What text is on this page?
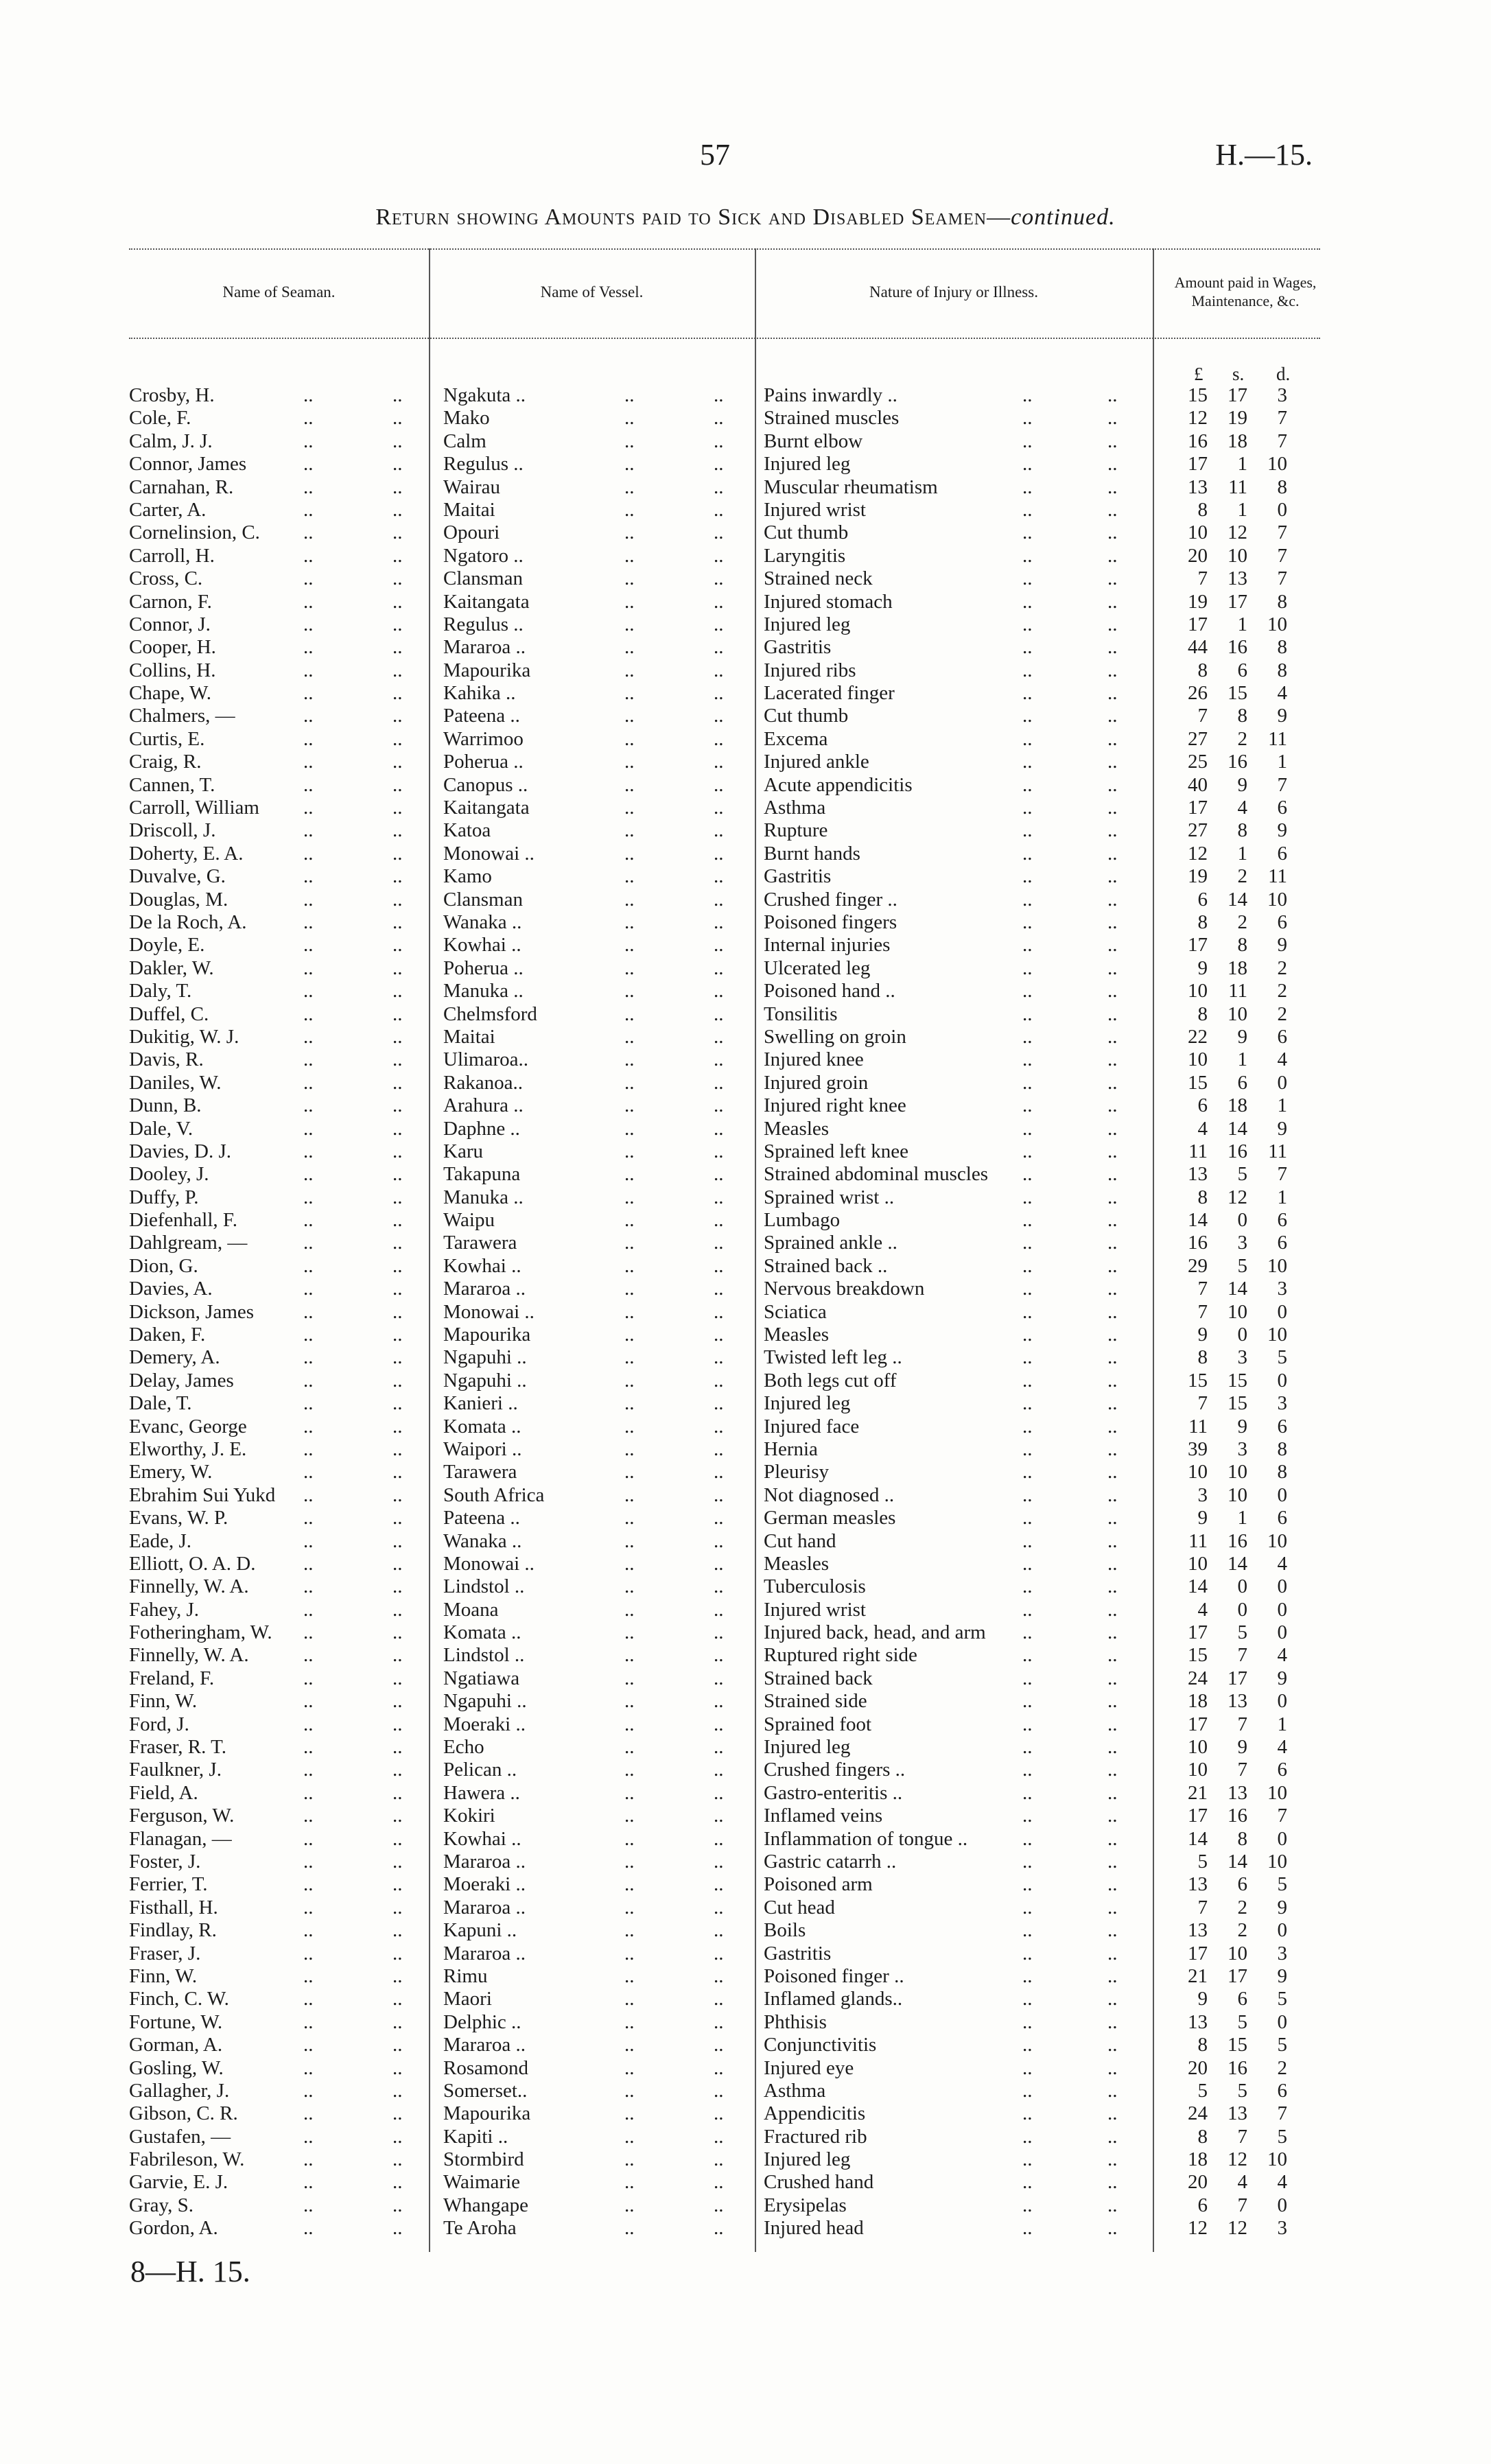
57	H.—15.
Return showing Amounts paid to Sick and Disabled Seamen—continued.
Name of Seaman.	Name of Vessel.	Nature of Injury or Illness.
Amount paid in Wages, Maintenance, &c.
£ s. d.
Crosby, H.	..	.. Ngakuta ..	..	.. Pains inwardly ..	..	..	15	17	3
Cole, F.	..	.. Mako	..	.. Strained muscles	..	..	12	19	7
Calm, J. J.	..	.. Calm	..	.. Burnt elbow	..	..	16	18	7
Connor, James	..	.. Regulus ..	..	.. Injured leg	..	..	17	1	10
Carnahan, R.	..	.. Wairau	..	.. Muscular rheumatism	..	..	13	11	8
Carter, A.	..	.. Maitai	..	.. Injured wrist	..	..	8	1	0
Cornelinsion, C. ..	.. Opouri	..	.. Cut thumb	..	..	10	12	7
Carroll, H.	..	.. Ngatoro ..	..	.. Laryngitis	..	..	20	10	7
Cross, C.	..	.. Clansman	..	.. Strained neck	..	..	7	13	7
Carnon, F.	..	.. Kaitangata	..	.. Injured stomach	..	..	19	17	8
Connor, J.	..	.. Regulus ..	..	.. Injured leg	..	..	17	1	10
Cooper, H.	..	.. Mararoa ..	..	.. Gastritis	..	..	44	16	8
Collins, H.	..	.. Mapourika	..	.. Injured ribs	..	..	8	6	8
Chape, W.	..	.. Kahika ..	..	.. Lacerated finger	..	..	26	15	4
Chalmers, —	..	.. Pateena ..	..	.. Cut thumb	..	..	7	8	9
Curtis, E.	..	.. Warrimoo	..	.. Excema	..	..	27	2	11
Craig, R.	..	.. Poherua ..	..	.. Injured ankle	..	..	25	16	1
Cannen, T.	..	.. Canopus ..	..	.. Acute appendicitis	..	..	40	9	7
Carroll, William ..	.. Kaitangata	..	.. Asthma	..	..	17	4	6
Driscoll, J.	..	.. Katoa	..	.. Rupture	..	..	27	8	9
Doherty, E. A.	..	.. Monowai ..	..	.. Burnt hands	..	..	12	1	6
Duvalve, G.	..	.. Kamo	..	.. Gastritis	..	..	19	2	11
Douglas, M.	..	.. Clansman	..	.. Crushed finger ..	..	..	6	14	10
De la Roch, A.	..	.. Wanaka ..	..	.. Poisoned fingers	..	..	8	2	6
Doyle, E.	..	.. Kowhai ..	..	.. Internal injuries	..	..	17	8	9
Dakler, W.	..	.. Poherua ..	..	.. Ulcerated leg	..	..	9	18	2
Daly, T.	..	.. Manuka ..	..	.. Poisoned hand ..	..	..	10	11	2
Duffel, C.	..	.. Chelmsford	..	.. Tonsilitis	..	..	8	10	2
Dukitig, W. J.	..	.. Maitai	..	.. Swelling on groin	..	..	22	9	6
Davis, R.	..	.. Ulimaroa..	..	.. Injured knee	..	..	10	1	4
Daniles, W.	..	.. Rakanoa..	..	.. Injured groin	..	..	15	6	0
Dunn, B.	..	.. Arahura ..	..	.. Injured right knee	..	..	6	18	1
Dale, V.	..	.. Daphne ..	..	.. Measles	..	..	4	14	9
Davies, D. J.	..	.. Karu	..	.. Sprained left knee	..	..	11	16	11
Dooley, J.	..	.. Takapuna	..	.. Strained abdominal muscles ..	..	13	5	7
Duffy, P.	..	.. Manuka ..	..	.. Sprained wrist ..	..	..	8	12	1
Diefenhall, F.	..	.. Waipu	..	.. Lumbago	..	..	14	0	6
Dahlgream, —	..	.. Tarawera	..	.. Sprained ankle ..	..	..	16	3	6
Dion, G.	..	.. Kowhai ..	..	.. Strained back ..	..	..	29	5	10
Davies, A.	..	.. Mararoa ..	..	.. Nervous breakdown	..	..	7	14	3
Dickson, James ..	.. Monowai ..	..	.. Sciatica	..	..	7	10	0
Daken, F.	..	.. Mapourika	..	.. Measles	..	..	9	0	10
Demery, A.	..	.. Ngapuhi ..	..	.. Twisted left leg ..	..	..	8	3	5
Delay, James	..	.. Ngapuhi ..	..	.. Both legs cut off	..	..	15	15	0
Dale, T.	..	.. Kanieri ..	..	.. Injured leg	..	..	7	15	3
Evanc, George	..	.. Komata ..	..	.. Injured face	..	..	11	9	6
Elworthy, J. E.	..	.. Waipori ..	..	.. Hernia	..	..	39	3	8
Emery, W.	..	.. Tarawera	..	.. Pleurisy	..	..	10	10	8
Ebrahim Sui Yukd ..	.. South Africa	..	.. Not diagnosed ..	..	..	3	10	0
Evans, W. P.	..	.. Pateena ..	..	.. German measles	..	..	9	1	6
Eade, J.	..	.. Wanaka ..	..	.. Cut hand	..	..	11	16	10
Elliott, O. A. D. ..	.. Monowai ..	..	.. Measles	..	..	10	14	4
Finnelly, W. A.	..	.. Lindstol ..	..	.. Tuberculosis	..	..	14	0	0
Fahey, J.	..	.. Moana	..	.. Injured wrist	..	..	4	0	0
Fotheringham, W. ..	.. Komata ..	..	.. Injured back, head, and arm ..	..	17	5	0
Finnelly, W. A.	..	.. Lindstol ..	..	.. Ruptured right side	..	..	15	7	4
Freland, F.	..	.. Ngatiawa	..	.. Strained back	..	..	24	17	9
Finn, W.	..	.. Ngapuhi ..	..	.. Strained side	..	..	18	13	0
Ford, J.	..	.. Moeraki ..	..	.. Sprained foot	..	..	17	7	1
Fraser, R. T.	..	.. Echo	..	.. Injured leg	..	..	10	9	4
Faulkner, J.	..	.. Pelican ..	..	.. Crushed fingers ..	..	..	10	7	6
Field, A.	..	.. Hawera ..	..	.. Gastro-enteritis ..	..	..	21	13	10
Ferguson, W.	..	.. Kokiri	..	.. Inflamed veins	..	..	17	16	7
Flanagan, —	..	.. Kowhai ..	..	.. Inflammation of tongue ..	..	..	14	8	0
Foster, J.	..	.. Mararoa ..	..	.. Gastric catarrh ..	..	..	5	14	10
Ferrier, T.	..	.. Moeraki ..	..	.. Poisoned arm	..	..	13	6	5
Fisthall, H.	..	.. Mararoa ..	..	.. Cut head	..	..	7	2	9
Findlay, R.	..	.. Kapuni ..	..	.. Boils	..	..	13	2	0
Fraser, J.	..	.. Mararoa ..	..	.. Gastritis	..	..	17	10	3
Finn, W.	..	.. Rimu	..	.. Poisoned finger ..	..	..	21	17	9
Finch, C. W.	..	.. Maori	..	.. Inflamed glands..	..	..	9	6	5
Fortune, W.	..	.. Delphic ..	..	.. Phthisis	..	..	13	5	0
Gorman, A.	..	.. Mararoa ..	..	.. Conjunctivitis	..	..	8	15	5
Gosling, W.	..	.. Rosamond	..	.. Injured eye	..	..	20	16	2
Gallagher, J.	..	.. Somerset..	..	.. Asthma	..	..	5	5	6
Gibson, C. R.	..	.. Mapourika	..	.. Appendicitis	..	..	24	13	7
Gustafen, —	..	.. Kapiti ..	..	.. Fractured rib	..	..	8	7	5
Fabrileson, W.	..	.. Stormbird	..	.. Injured leg	..	..	18	12	10
Garvie, E. J.	..	.. Waimarie	..	.. Crushed hand	..	..	20	4	4
Gray, S.	..	.. Whangape	..	.. Erysipelas	..	..	6	7	0
Gordon, A.	..	.. Te Aroha	..	.. Injured head	..	..	12	12	3
8—H. 15.
